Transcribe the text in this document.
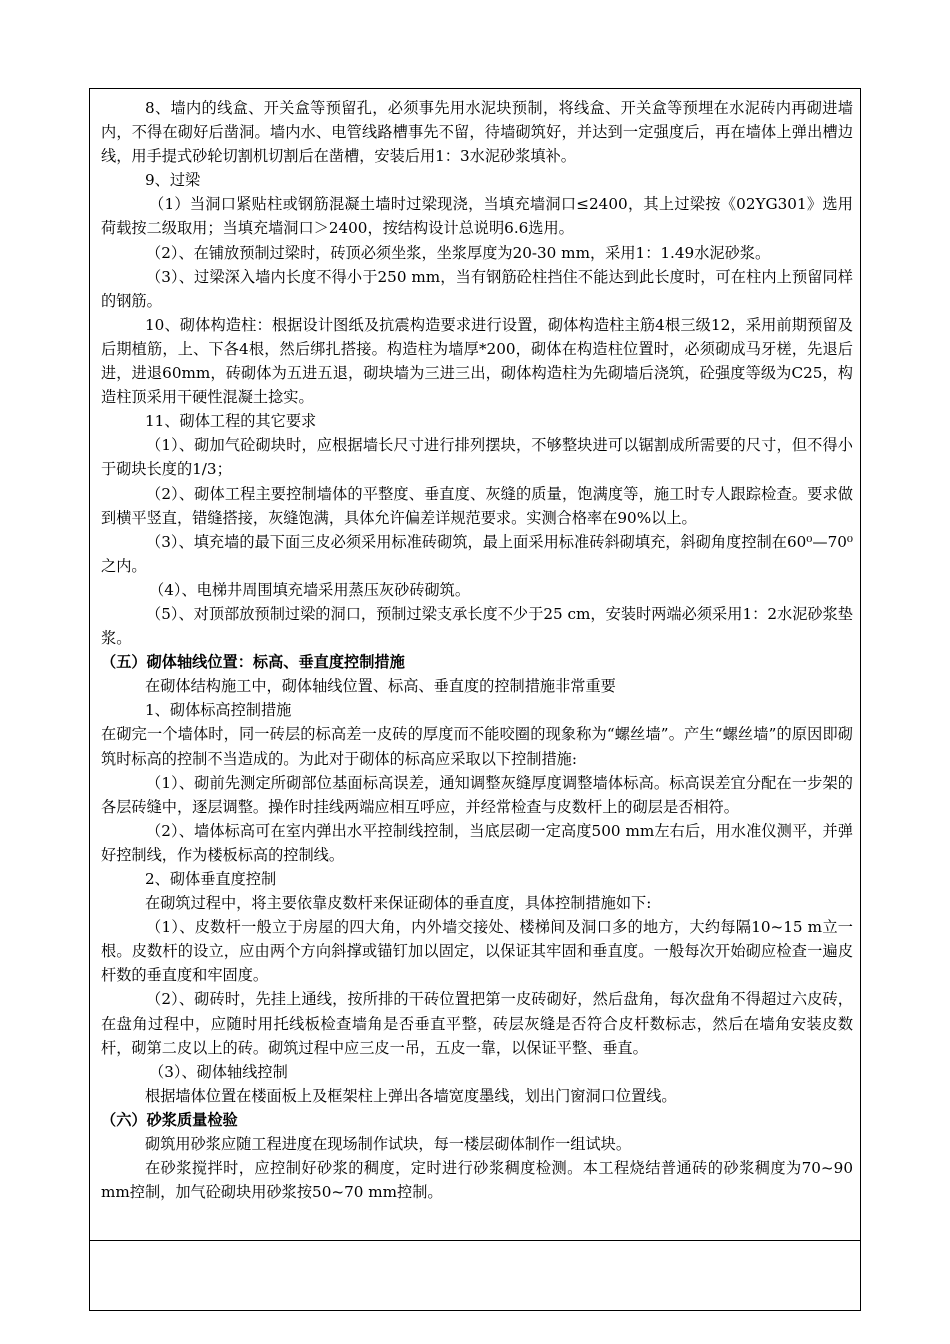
8、墙内的线盒、开关盒等预留孔，必须事先用水泥块预制，将线盒、开关盒等预埋在水泥砖内再砌进墙内，不得在砌好后凿洞。墙内水、电管线路槽事先不留，待墙砌筑好，并达到一定强度后，再在墙体上弹出槽边线，用手提式砂轮切割机切割后在凿槽，安装后用1：3水泥砂浆填补。

9、过梁

（1）当洞口紧贴柱或钢筋混凝土墙时过梁现浇，当填充墙洞口≤2400，其上过梁按《02YG301》选用荷载按二级取用；当填充墙洞口＞2400，按结构设计总说明6.6选用。

（2）、在铺放预制过梁时，砖顶必须坐浆，坐浆厚度为20-30 mm，采用1：1.49水泥砂浆。

（3）、过梁深入墙内长度不得小于250 mm，当有钢筋砼柱挡住不能达到此长度时，可在柱内上预留同样的钢筋。

10、砌体构造柱：根据设计图纸及抗震构造要求进行设置，砌体构造柱主筋4根三级12，采用前期预留及后期植筋，上、下各4根，然后绑扎搭接。构造柱为墙厚*200，砌体在构造柱位置时，必须砌成马牙槎，先退后进，进退60mm，砖砌体为五进五退，砌块墙为三进三出，砌体构造柱为先砌墙后浇筑，砼强度等级为C25，构造柱顶采用干硬性混凝土捻实。

11、砌体工程的其它要求

（1）、砌加气砼砌块时，应根据墙长尺寸进行排列摆块，不够整块进可以锯割成所需要的尺寸，但不得小于砌块长度的1/3；

（2）、砌体工程主要控制墙体的平整度、垂直度、灰缝的质量，饱满度等，施工时专人跟踪检查。要求做到横平竖直，错缝搭接，灰缝饱满，具体允许偏差详规范要求。实测合格率在90%以上。

（3）、填充墙的最下面三皮必须采用标准砖砌筑，最上面采用标准砖斜砌填充，斜砌角度控制在60⁰—70⁰之内。

（4）、电梯井周围填充墙采用蒸压灰砂砖砌筑。

（5）、对顶部放预制过梁的洞口，预制过梁支承长度不少于25 cm，安装时两端必须采用1：2水泥砂浆垫浆。

（五）砌体轴线位置：标高、垂直度控制措施

在砌体结构施工中，砌体轴线位置、标高、垂直度的控制措施非常重要

1、砌体标高控制措施

在砌完一个墙体时，同一砖层的标高差一皮砖的厚度而不能咬圈的现象称为“螺丝墙”。产生“螺丝墙”的原因即砌筑时标高的控制不当造成的。为此对于砌体的标高应采取以下控制措施:

（1）、砌前先测定所砌部位基面标高误差，通知调整灰缝厚度调整墙体标高。标高误差宜分配在一步架的各层砖缝中，逐层调整。操作时挂线两端应相互呼应，并经常检查与皮数杆上的砌层是否相符。

（2）、墙体标高可在室内弹出水平控制线控制，当底层砌一定高度500 mm左右后，用水准仪测平，并弹好控制线，作为楼板标高的控制线。

2、砌体垂直度控制

在砌筑过程中，将主要依靠皮数杆来保证砌体的垂直度，具体控制措施如下:

（1）、皮数杆一般立于房屋的四大角，内外墙交接处、楼梯间及洞口多的地方，大约每隔10~15 m立一根。皮数杆的设立，应由两个方向斜撑或锚钉加以固定，以保证其牢固和垂直度。一般每次开始砌应检查一遍皮杆数的垂直度和牢固度。

（2）、砌砖时，先挂上通线，按所排的干砖位置把第一皮砖砌好，然后盘角，每次盘角不得超过六皮砖，在盘角过程中，应随时用托线板检查墙角是否垂直平整，砖层灰缝是否符合皮杆数标志，然后在墙角安装皮数杆，砌第二皮以上的砖。砌筑过程中应三皮一吊，五皮一靠，以保证平整、垂直。

（3）、砌体轴线控制

根据墙体位置在楼面板上及框架柱上弹出各墙宽度墨线，划出门窗洞口位置线。

（六）砂浆质量检验

砌筑用砂浆应随工程进度在现场制作试块，每一楼层砌体制作一组试块。

在砂浆搅拌时，应控制好砂浆的稠度，定时进行砂浆稠度检测。本工程烧结普通砖的砂浆稠度为70~90 mm控制，加气砼砌块用砂浆按50~70 mm控制。
